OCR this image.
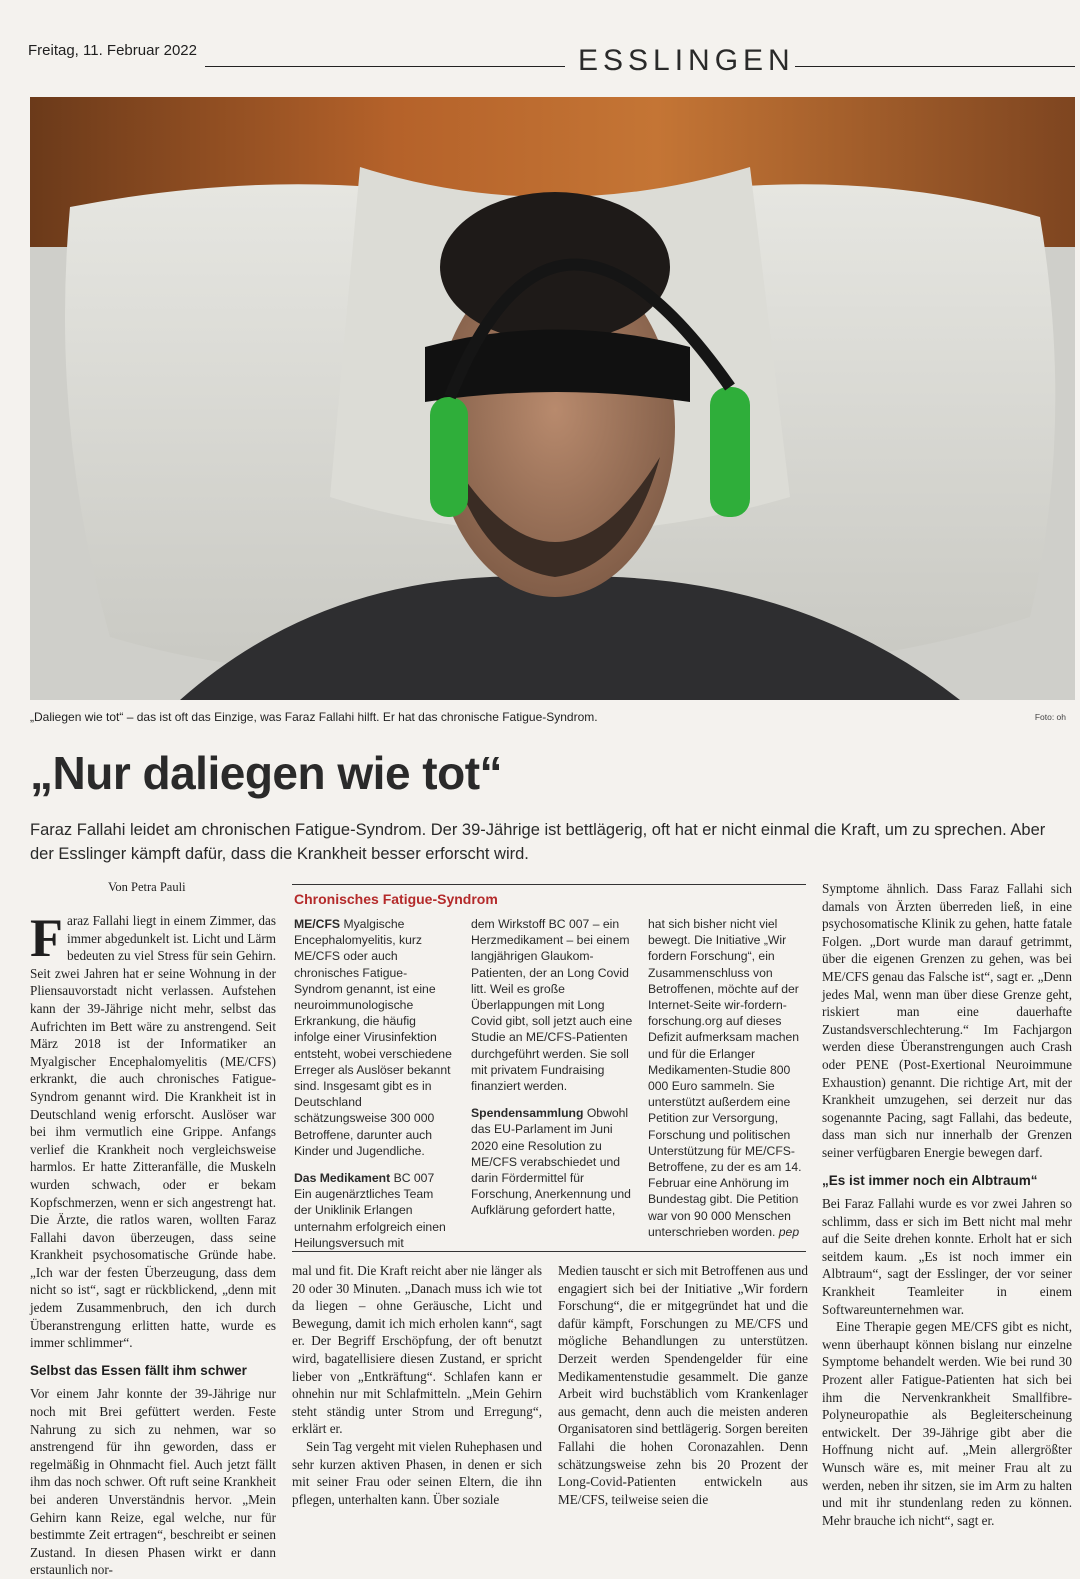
Freitag, 11. Februar 2022	ESSLINGEN
„Daliegen wie tot“ – das ist oft das Einzige, was Faraz Fallahi hilft. Er hat das chronische Fatigue-Syndrom.	Foto: oh
„Nur daliegen wie tot“
Faraz Fallahi leidet am chronischen Fatigue-Syndrom. Der 39-Jährige ist bettlägerig, oft hat er nicht einmal die Kraft, um zu sprechen. Aber der Esslinger kämpft dafür, dass die Krankheit besser erforscht wird.
Von Petra Pauli

Faraz Fallahi liegt in einem Zimmer, das immer abgedunkelt ist. Licht und Lärm bedeuten zu viel Stress für sein Gehirn. Seit zwei Jahren hat er seine Wohnung in der Pliensauvorstadt nicht verlassen. Aufstehen kann der 39-Jährige nicht mehr, selbst das Aufrichten im Bett wäre zu anstrengend. Seit März 2018 ist der Informatiker an Myalgischer Encephalomyelitis (ME/CFS) erkrankt, die auch chronisches Fatigue-Syndrom genannt wird. Die Krankheit ist in Deutschland wenig erforscht. Auslöser war bei ihm vermutlich eine Grippe. Anfangs verlief die Krankheit noch vergleichsweise harmlos. Er hatte Zitteranfälle, die Muskeln wurden schwach, oder er bekam Kopfschmerzen, wenn er sich angestrengt hat. Die Ärzte, die ratlos waren, wollten Faraz Fallahi davon überzeugen, dass seine Krankheit psychosomatische Gründe habe. „Ich war der festen Überzeugung, dass dem nicht so ist“, sagt er rückblickend, „denn mit jedem Zusammenbruch, den ich durch Überanstrengung erlitten hatte, wurde es immer schlimmer“.

Selbst das Essen fällt ihm schwer

Vor einem Jahr konnte der 39-Jährige nur noch mit Brei gefüttert werden. Feste Nahrung zu sich zu nehmen, war so anstrengend für ihn geworden, dass er regelmäßig in Ohnmacht fiel. Auch jetzt fällt ihm das noch schwer. Oft ruft seine Krankheit bei anderen Unverständnis hervor. „Mein Gehirn kann Reize, egal welche, nur für bestimmte Zeit ertragen“, beschreibt er seinen Zustand. In diesen Phasen wirkt er dann erstaunlich nor-

Chronisches Fatigue-Syndrom

ME/CFS Myalgische Encephalomyelitis, kurz ME/CFS oder auch chronisches Fatigue-Syndrom genannt, ist eine neuroimmunologische Erkrankung, die häufig infolge einer Virusinfektion entsteht, wobei verschiedene Erreger als Auslöser bekannt sind. Insgesamt gibt es in Deutschland schätzungsweise 300 000 Betroffene, darunter auch Kinder und Jugendliche.

Das Medikament BC 007 Ein augenärztliches Team der Uniklinik Erlangen unternahm erfolgreich einen Heilungsversuch mit

dem Wirkstoff BC 007 – ein Herzmedikament – bei einem langjährigen Glaukom-Patienten, der an Long Covid litt. Weil es große Überlappungen mit Long Covid gibt, soll jetzt auch eine Studie an ME/CFS-Patienten durchgeführt werden. Sie soll mit privatem Fundraising finanziert werden.

Spendensammlung Obwohl das EU-Parlament im Juni 2020 eine Resolution zu ME/CFS verabschiedet und darin Fördermittel für Forschung, Anerkennung und Aufklärung gefordert hatte,

hat sich bisher nicht viel bewegt. Die Initiative „Wir fordern Forschung“, ein Zusammenschluss von Betroffenen, möchte auf der Internet-Seite wir-fordern-forschung.org auf dieses Defizit aufmerksam machen und für die Erlanger Medikamenten-Studie 800 000 Euro sammeln. Sie unterstützt außerdem eine Petition zur Versorgung, Forschung und politischen Unterstützung für ME/CFS-Betroffene, zu der es am 14. Februar eine Anhörung im Bundestag gibt. Die Petition war von 90 000 Menschen unterschrieben worden. pep

mal und fit. Die Kraft reicht aber nie länger als 20 oder 30 Minuten. „Danach muss ich wie tot da liegen – ohne Geräusche, Licht und Bewegung, damit ich mich erholen kann“, sagt er. Der Begriff Erschöpfung, der oft benutzt wird, bagatellisiere diesen Zustand, er spricht lieber von „Entkräftung“. Schlafen kann er ohnehin nur mit Schlafmitteln. „Mein Gehirn steht ständig unter Strom und Erregung“, erklärt er.

Sein Tag vergeht mit vielen Ruhephasen und sehr kurzen aktiven Phasen, in denen er sich mit seiner Frau oder seinen Eltern, die ihn pflegen, unterhalten kann. Über soziale

Medien tauscht er sich mit Betroffenen aus und engagiert sich bei der Initiative „Wir fordern Forschung“, die er mitgegründet hat und die dafür kämpft, Forschungen zu ME/CFS und mögliche Behandlungen zu unterstützen. Derzeit werden Spendengelder für eine Medikamentenstudie gesammelt. Die ganze Arbeit wird buchstäblich vom Krankenlager aus gemacht, denn auch die meisten anderen Organisatoren sind bettlägerig. Sorgen bereiten Fallahi die hohen Coronazahlen. Denn schätzungsweise zehn bis 20 Prozent der Long-Covid-Patienten entwickeln aus ME/CFS, teilweise seien die

Symptome ähnlich. Dass Faraz Fallahi sich damals von Ärzten überreden ließ, in eine psychosomatische Klinik zu gehen, hatte fatale Folgen. „Dort wurde man darauf getrimmt, über die eigenen Grenzen zu gehen, was bei ME/CFS genau das Falsche ist“, sagt er. „Denn jedes Mal, wenn man über diese Grenze geht, riskiert man eine dauerhafte Zustandsverschlechterung.“ Im Fachjargon werden diese Überanstrengungen auch Crash oder PENE (Post-Exertional Neuroimmune Exhaustion) genannt. Die richtige Art, mit der Krankheit umzugehen, sei derzeit nur das sogenannte Pacing, sagt Fallahi, das bedeute, dass man sich nur innerhalb der Grenzen seiner verfügbaren Energie bewegen darf.

„Es ist immer noch ein Albtraum“

Bei Faraz Fallahi wurde es vor zwei Jahren so schlimm, dass er sich im Bett nicht mal mehr auf die Seite drehen konnte. Erholt hat er sich seitdem kaum. „Es ist noch immer ein Albtraum“, sagt der Esslinger, der vor seiner Krankheit Teamleiter in einem Softwareunternehmen war.

Eine Therapie gegen ME/CFS gibt es nicht, wenn überhaupt können bislang nur einzelne Symptome behandelt werden. Wie bei rund 30 Prozent aller Fatigue-Patienten hat sich bei ihm die Nervenkrankheit Smallfibre-Polyneuropathie als Begleiterscheinung entwickelt. Der 39-Jährige gibt aber die Hoffnung nicht auf. „Mein allergrößter Wunsch wäre es, mit meiner Frau alt zu werden, neben ihr sitzen, sie im Arm zu halten und mit ihr stundenlang reden zu können. Mehr brauche ich nicht“, sagt er.
